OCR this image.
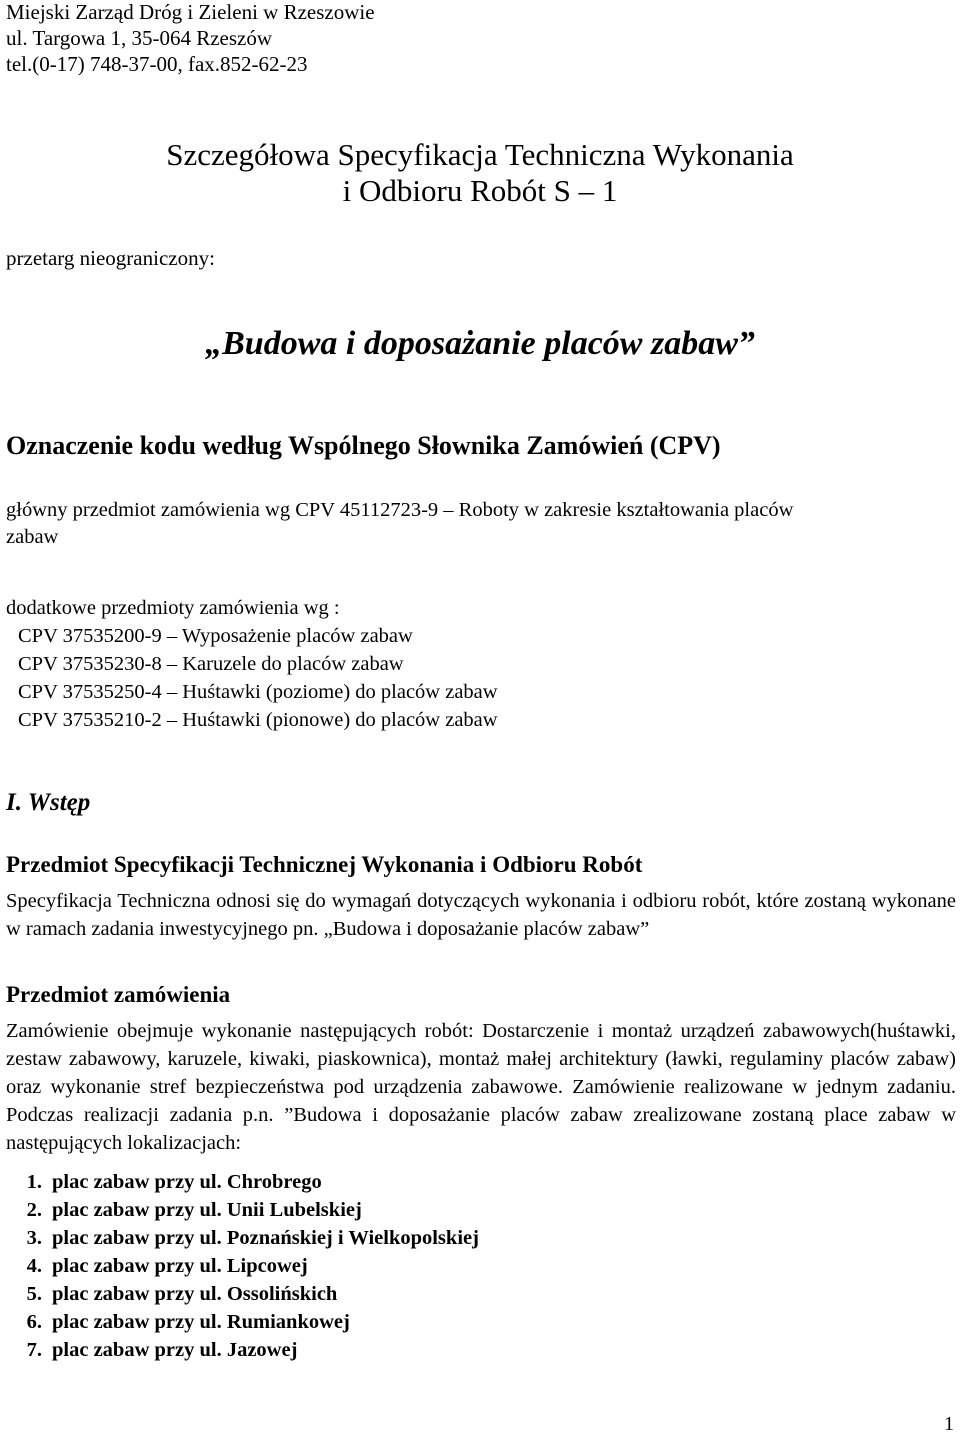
Miejski Zarząd Dróg i Zieleni w Rzeszowie
ul. Targowa 1, 35-064 Rzeszów
tel.(0-17) 748-37-00, fax.852-62-23
Szczegółowa Specyfikacja Techniczna Wykonania
i Odbioru Robót S – 1
przetarg nieograniczony:
„Budowa i doposażanie placów zabaw”
Oznaczenie kodu według Wspólnego Słownika Zamówień (CPV)
główny przedmiot zamówienia wg CPV 45112723-9 – Roboty w zakresie kształtowania placów
zabaw
dodatkowe przedmioty zamówienia wg :
CPV 37535200-9 – Wyposażenie placów zabaw
CPV 37535230-8 – Karuzele do placów zabaw
CPV 37535250-4 – Huśtawki (poziome) do placów zabaw
CPV 37535210-2 – Huśtawki (pionowe) do placów zabaw
I. Wstęp
Przedmiot Specyfikacji Technicznej Wykonania i Odbioru Robót
Specyfikacja Techniczna odnosi się do wymagań dotyczących wykonania i odbioru robót, które zostaną wykonane w ramach zadania inwestycyjnego pn. „Budowa i doposażanie placów zabaw”
Przedmiot zamówienia
Zamówienie obejmuje wykonanie następujących robót: Dostarczenie i montaż urządzeń zabawowych(huśtawki, zestaw zabawowy, karuzele, kiwaki, piaskownica), montaż małej architektury (ławki, regulaminy placów zabaw) oraz wykonanie stref bezpieczeństwa pod urządzenia zabawowe. Zamówienie realizowane w jednym zadaniu. Podczas realizacji zadania p.n. ”Budowa i doposażanie placów zabaw zrealizowane zostaną place zabaw w następujących lokalizacjach:
1. plac zabaw przy ul. Chrobrego
2. plac zabaw przy ul. Unii Lubelskiej
3. plac zabaw przy ul. Poznańskiej i Wielkopolskiej
4. plac zabaw przy ul. Lipcowej
5. plac zabaw przy ul. Ossolińskich
6. plac zabaw przy ul. Rumiankowej
7. plac zabaw przy ul. Jazowej
1
